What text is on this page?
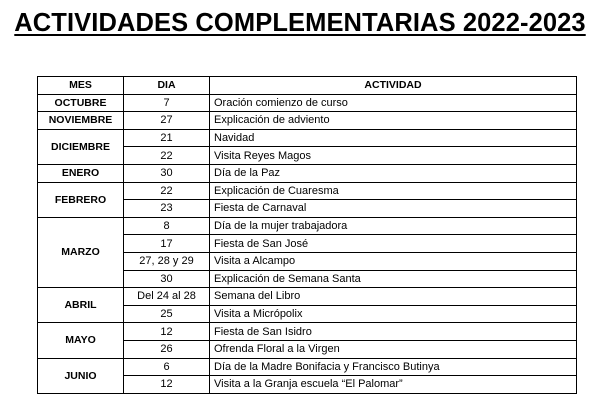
ACTIVIDADES COMPLEMENTARIAS 2022-2023
MES	DIA	ACTIVIDAD
OCTUBRE	7	Oración comienzo de curso
NOVIEMBRE	27	Explicación de adviento
DICIEMBRE	21	Navidad
	22	Visita Reyes Magos
ENERO	30	Día de la Paz
FEBRERO	22	Explicación de Cuaresma
	23	Fiesta de Carnaval
MARZO	8	Día de la mujer trabajadora
	17	Fiesta de San José
	27, 28 y 29	Visita a Alcampo
	30	Explicación de Semana Santa
ABRIL	Del 24 al 28	Semana del Libro
	25	Visita a Micrópolix
MAYO	12	Fiesta de San Isidro
	26	Ofrenda Floral a la Virgen
JUNIO	6	Día de la Madre Bonifacia y Francisco Butinya
	12	Visita a la Granja escuela “El Palomar”
